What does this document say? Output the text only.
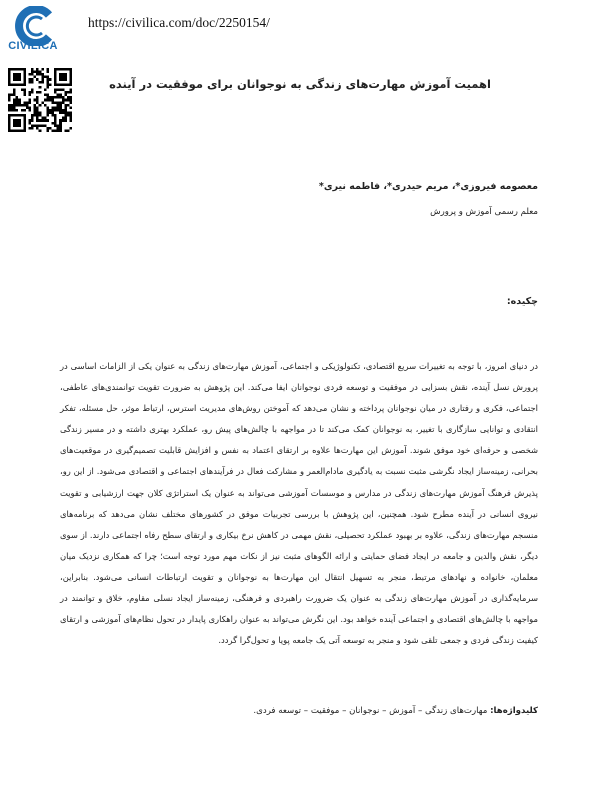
CIVILICA
https://civilica.com/doc/2250154/
اهمیت آموزش مهارت‌های زندگی به نوجوانان برای موفقیت در آینده
معصومه فیروزی*، مریم حیدری*، فاطمه نیری*
معلم رسمی آموزش و پرورش
چکیده:
در دنیای امروز، با توجه به تغییرات سریع اقتصادی، تکنولوژیکی و اجتماعی، آموزش مهارت‌های زندگی به عنوان یکی از الزامات اساسی در پرورش نسل آینده، نقش بسزایی در موفقیت و توسعه فردی نوجوانان ایفا می‌کند. این پژوهش به ضرورت تقویت توانمندی‌های عاطفی، اجتماعی، فکری و رفتاری در میان نوجوانان پرداخته و نشان می‌دهد که آموختن روش‌های مدیریت استرس، ارتباط موثر، حل مسئله، تفکر انتقادی و توانایی سازگاری با تغییر، به نوجوانان کمک می‌کند تا در مواجهه با چالش‌های پیش رو، عملکرد بهتری داشته و در مسیر زندگی شخصی و حرفه‌ای خود موفق شوند. آموزش این مهارت‌ها علاوه بر ارتقای اعتماد به نفس و افزایش قابلیت تصمیم‌گیری در موقعیت‌های بحرانی، زمینه‌ساز ایجاد نگرشی مثبت نسبت به یادگیری مادام‌العمر و مشارکت فعال در فرآیندهای اجتماعی و اقتصادی می‌شود. از این رو، پذیرش فرهنگ آموزش مهارت‌های زندگی در مدارس و موسسات آموزشی می‌تواند به عنوان یک استراتژی کلان جهت ارزشیابی و تقویت نیروی انسانی در آینده مطرح شود. همچنین، این پژوهش با بررسی تجربیات موفق در کشورهای مختلف نشان می‌دهد که برنامه‌های منسجم مهارت‌های زندگی، علاوه بر بهبود عملکرد تحصیلی، نقش مهمی در کاهش نرخ بیکاری و ارتقای سطح رفاه اجتماعی دارند. از سوی دیگر، نقش والدین و جامعه در ایجاد فضای حمایتی و ارائه الگوهای مثبت نیز از نکات مهم مورد توجه است؛ چرا که همکاری نزدیک میان معلمان، خانواده و نهادهای مرتبط، منجر به تسهیل انتقال این مهارت‌ها به نوجوانان و تقویت ارتباطات انسانی می‌شود. بنابراین، سرمایه‌گذاری در آموزش مهارت‌های زندگی به عنوان یک ضرورت راهبردی و فرهنگی، زمینه‌ساز ایجاد نسلی مقاوم، خلاق و توانمند در مواجهه با چالش‌های اقتصادی و اجتماعی آینده خواهد بود. این نگرش می‌تواند به عنوان راهکاری پایدار در تحول نظام‌های آموزشی و ارتقای کیفیت زندگی فردی و جمعی تلقی شود و منجر به توسعه آتی یک جامعه پویا و تحول‌گرا گردد.
کلیدواژه‌ها: مهارت‌های زندگی – آموزش – نوجوانان – موفقیت – توسعه فردی.
